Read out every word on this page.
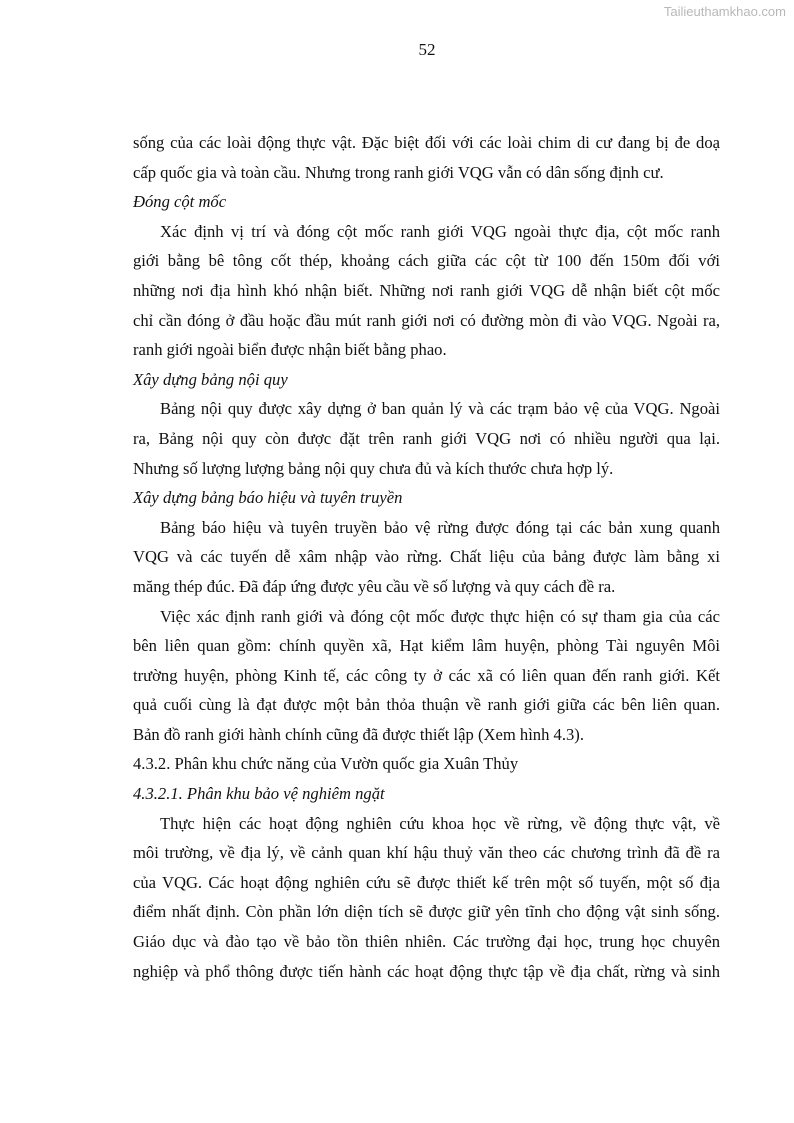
Tailieuthamkhao.com
52
sống của các loài động thực vật. Đặc biệt đối với các loài chim di cư đang bị đe doạ
cấp quốc gia và toàn cầu. Nhưng trong ranh giới VQG vẫn có dân sống định cư.
Đóng cột mốc
Xác định vị trí và đóng cột mốc ranh giới VQG ngoài thực địa, cột mốc ranh
giới bằng bê tông cốt thép, khoảng cách giữa các cột từ 100 đến 150m đối với
những nơi địa hình khó nhận biết. Những nơi ranh giới VQG dễ nhận biết cột mốc
chỉ cần đóng ở đầu hoặc đầu mút ranh giới nơi có đường mòn đi vào VQG. Ngoài ra,
ranh giới ngoài biển được nhận biết bằng phao.
Xây dựng bảng nội quy
Bảng nội quy được xây dựng ở ban quản lý và các trạm bảo vệ của VQG. Ngoài
ra, Bảng nội quy còn được đặt trên ranh giới VQG nơi có nhiều người qua lại.
Nhưng số lượng lượng bảng nội quy chưa đủ và kích thước chưa hợp lý.
Xây dựng bảng báo hiệu và tuyên truyền
Bảng báo hiệu và tuyên truyền bảo vệ rừng được đóng tại các bản xung quanh
VQG và các tuyến dễ xâm nhập vào rừng. Chất liệu của bảng được làm bằng xi
măng thép đúc. Đã đáp ứng được yêu cầu về số lượng và quy cách đề ra.
Việc xác định ranh giới và đóng cột mốc được thực hiện có sự tham gia của các
bên liên quan gồm: chính quyền xã, Hạt kiểm lâm huyện, phòng Tài nguyên Môi
trường huyện, phòng Kinh tế, các công ty ở các xã có liên quan đến ranh giới. Kết
quả cuối cùng là đạt được một bản thỏa thuận về ranh giới giữa các bên liên quan.
Bản đồ ranh giới hành chính cũng đã được thiết lập (Xem hình 4.3).
4.3.2. Phân khu chức năng của Vườn quốc gia Xuân Thủy
4.3.2.1. Phân khu bảo vệ nghiêm ngặt
Thực hiện các hoạt động nghiên cứu khoa học về rừng, về động thực vật, về
môi trường, về địa lý, về cảnh quan khí hậu thuỷ văn theo các chương trình đã đề ra
của VQG. Các hoạt động nghiên cứu sẽ được thiết kế trên một số tuyến, một số địa
điểm nhất định. Còn phần lớn diện tích sẽ được giữ yên tĩnh cho động vật sinh sống.
Giáo dục và đào tạo về bảo tồn thiên nhiên. Các trường đại học, trung học chuyên
nghiệp và phổ thông được tiến hành các hoạt động thực tập về địa chất, rừng và sinh
